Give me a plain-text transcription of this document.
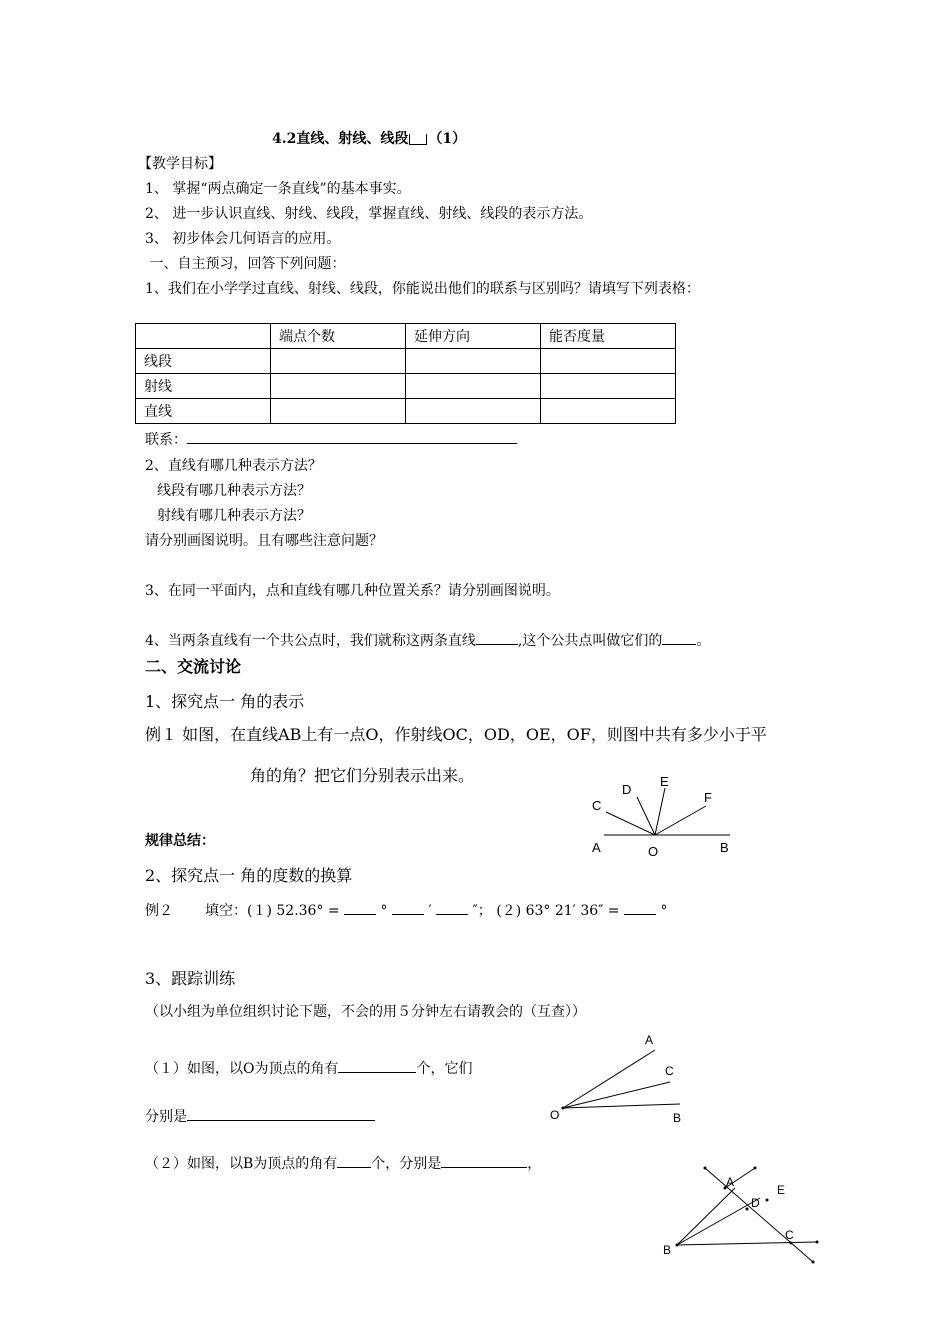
4.2直线、射线、线段 （1）
【教学目标】
1、 掌握“两点确定一条直线”的基本事实。
2、 进一步认识直线、射线、线段，掌握直线、射线、线段的表示方法。
3、 初步体会几何语言的应用。
一、自主预习，回答下列问题：
1、我们在小学学过直线、射线、线段，你能说出他们的联系与区别吗？请填写下列表格：
	端点个数	延伸方向	能否度量
线段			
射线			
直线			
联系：
2、直线有哪几种表示方法？
线段有哪几种表示方法？
射线有哪几种表示方法？
请分别画图说明。且有哪些注意问题？
3、在同一平面内，点和直线有哪几种位置关系？请分别画图说明。
4、当两条直线有一个共公点时，我们就称这两条直线	,这个公共点叫做它们的 。
二、交流讨论
1、探究点一 角的表示
例１ 如图，在直线AB上有一点O，作射线OC，OD，OE，OF，则图中共有多少小于平
角的角？把它们分别表示出来。
C
D
E
F
A	O	B
规律总结：
2、探究点一 角的度数的换算
例２ 填空：(１) 52.36° =	°	′	″； (２) 63° 21′ 36″ =	°
3、跟踪训练
（以小组为单位组织讨论下题，不会的用５分钟左右请教会的（互查））
A
C
O	B
（１）如图，以O为顶点的角有	个，它们
分别是
（２）如图，以B为顶点的角有 个，分别是	，
A
D
E
C
B
